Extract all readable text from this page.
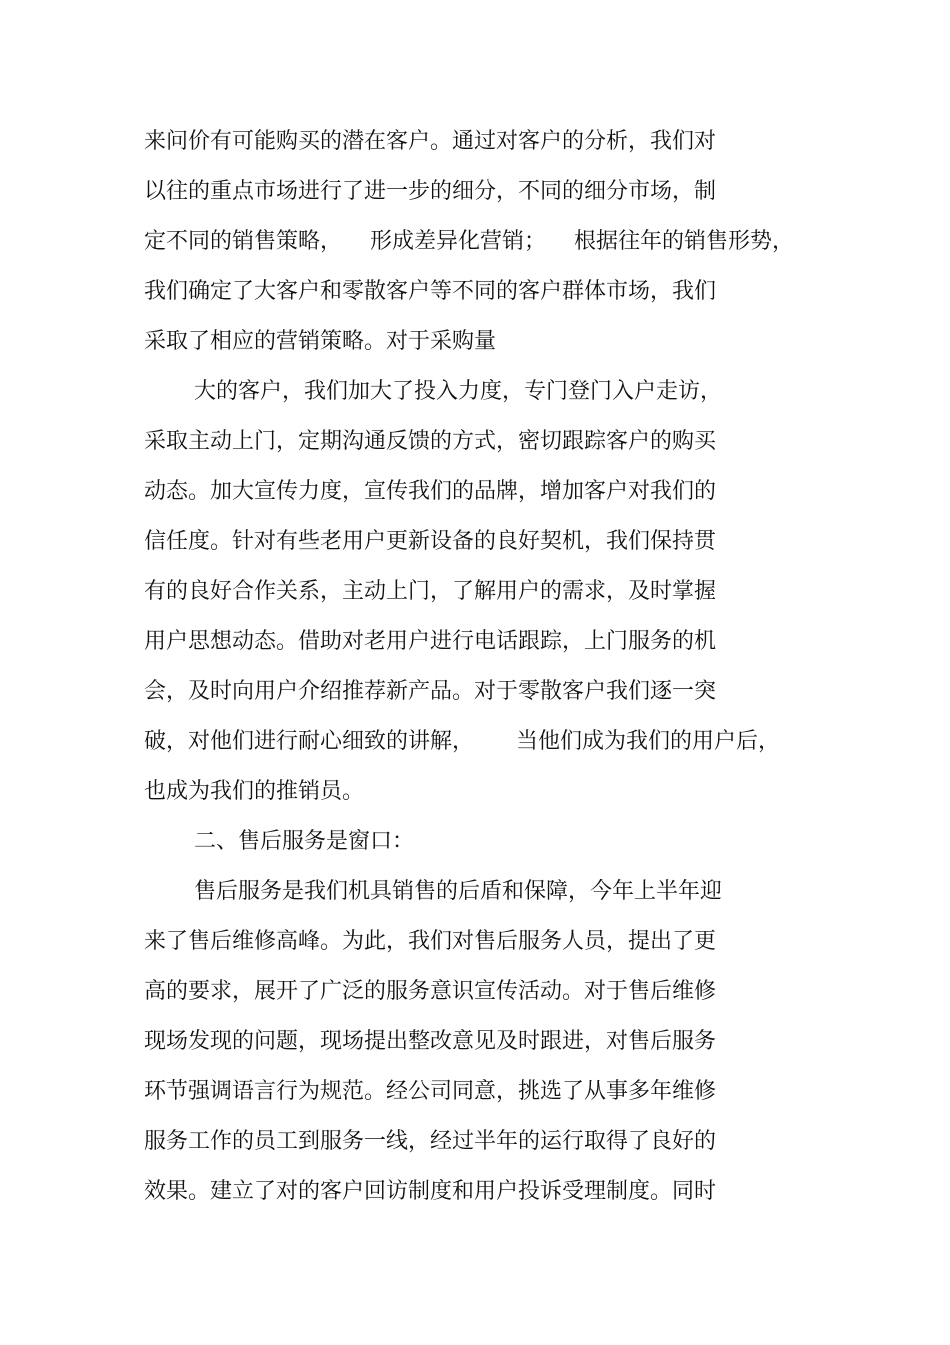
来问价有可能购买的潜在客户。通过对客户的分析，我们对
以往的重点市场进行了进一步的细分，不同的细分市场，制
定不同的销售策略，    形成差异化营销；    根据往年的销售形势，
我们确定了大客户和零散客户等不同的客户群体市场，我们
采取了相应的营销策略。对于采购量
大的客户，我们加大了投入力度，专门登门入户走访，
采取主动上门，定期沟通反馈的方式，密切跟踪客户的购买
动态。加大宣传力度，宣传我们的品牌，增加客户对我们的
信任度。针对有些老用户更新设备的良好契机，我们保持贯
有的良好合作关系，主动上门，了解用户的需求，及时掌握
用户思想动态。借助对老用户进行电话跟踪，上门服务的机
会，及时向用户介绍推荐新产品。对于零散客户我们逐一突
破，对他们进行耐心细致的讲解，      当他们成为我们的用户后，
也成为我们的推销员。
二、售后服务是窗口：
售后服务是我们机具销售的后盾和保障，今年上半年迎
来了售后维修高峰。为此，我们对售后服务人员，提出了更
高的要求，展开了广泛的服务意识宣传活动。对于售后维修
现场发现的问题，现场提出整改意见及时跟进，对售后服务
环节强调语言行为规范。经公司同意，挑选了从事多年维修
服务工作的员工到服务一线，经过半年的运行取得了良好的
效果。建立了对的客户回访制度和用户投诉受理制度。同时
